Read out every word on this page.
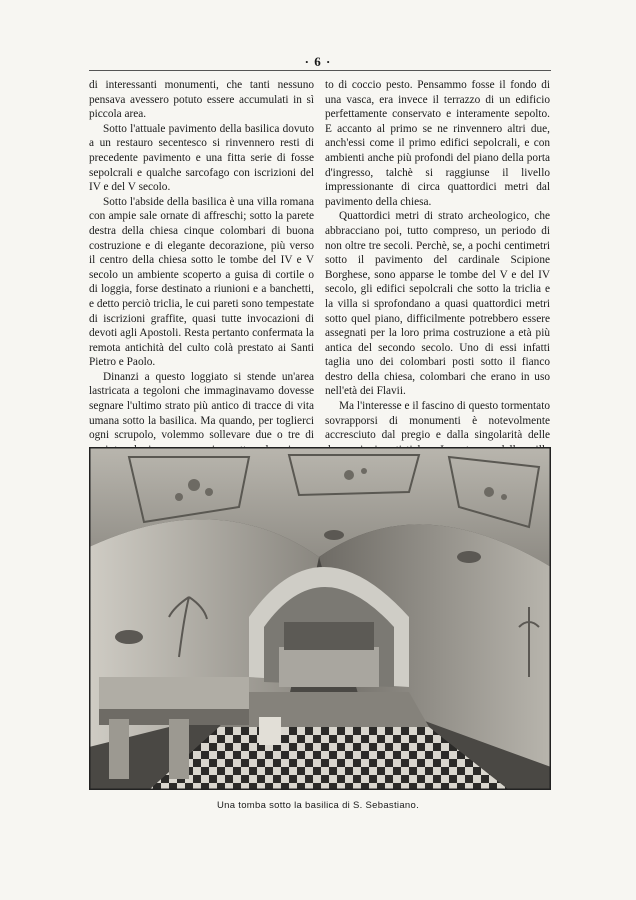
· 6 ·

di interessanti monumenti, che tanti nessuno pensava avessero potuto essere accumulati in sì piccola area.

Sotto l'attuale pavimento della basilica dovuto a un restauro secentesco si rinvennero resti di precedente pavimento e una fitta serie di fosse sepolcrali e qualche sarcofago con iscrizioni del IV e del V secolo.

Sotto l'abside della basilica è una villa romana con ampie sale ornate di affreschi; sotto la parete destra della chiesa cinque colombari di buona costruzione e di elegante decorazione, più verso il centro della chiesa sotto le tombe del IV e V secolo un ambiente scoperto a guisa di cortile o di loggia, forse destinato a riunioni e a banchetti, e detto perciò triclia, le cui pareti sono tempestate di iscrizioni graffite, quasi tutte invocazioni di devoti agli Apostoli. Resta pertanto confermata la remota antichità del culto colà prestato ai Santi Pietro e Paolo.

Dinanzi a questo loggiato si stende un'area lastricata a tegoloni che immaginavamo dovesse segnare l'ultimo strato più antico di tracce di vita umana sotto la basilica. Ma quando, per toglierci ogni scrupolo, volemmo sollevare due o tre di

to di coccio pesto. Pensammo fosse il fondo di una vasca, era invece il terrazzo di un edificio perfettamente conservato e interamente sepolto. E accanto al primo se ne rinvennero altri due, anch'essi come il primo edifici sepolcrali, e con ambienti anche più profondi del piano della porta d'ingresso, talchè si raggiunse il livello impressionante di circa quattordici metri dal pavimento della chiesa.

Quattordici metri di strato archeologico, che abbracciano poi, tutto compreso, un periodo di non oltre tre secoli. Perchè, se, a pochi centimetri sotto il pavimento del cardinale Scipione Borghese, sono apparse le tombe del V e del IV secolo, gli edifici sepolcrali che sotto la triclia e la villa si sprofondano a quasi quattordici metri sotto quel piano, difficilmente potrebbero essere assegnati per la loro prima costruzione a età più antica del secondo secolo. Uno di essi infatti taglia uno dei colombari posti sotto il fianco destro della chiesa, colombari che erano in uso nell'età dei Flavii.

Ma l'interesse e il fascino di questo tormentato sovrapporsi di monumenti è notevolmente accresciuto dal pregio e dalla singolarità delle

Una tomba sotto la basilica di S. Sebastiano.
